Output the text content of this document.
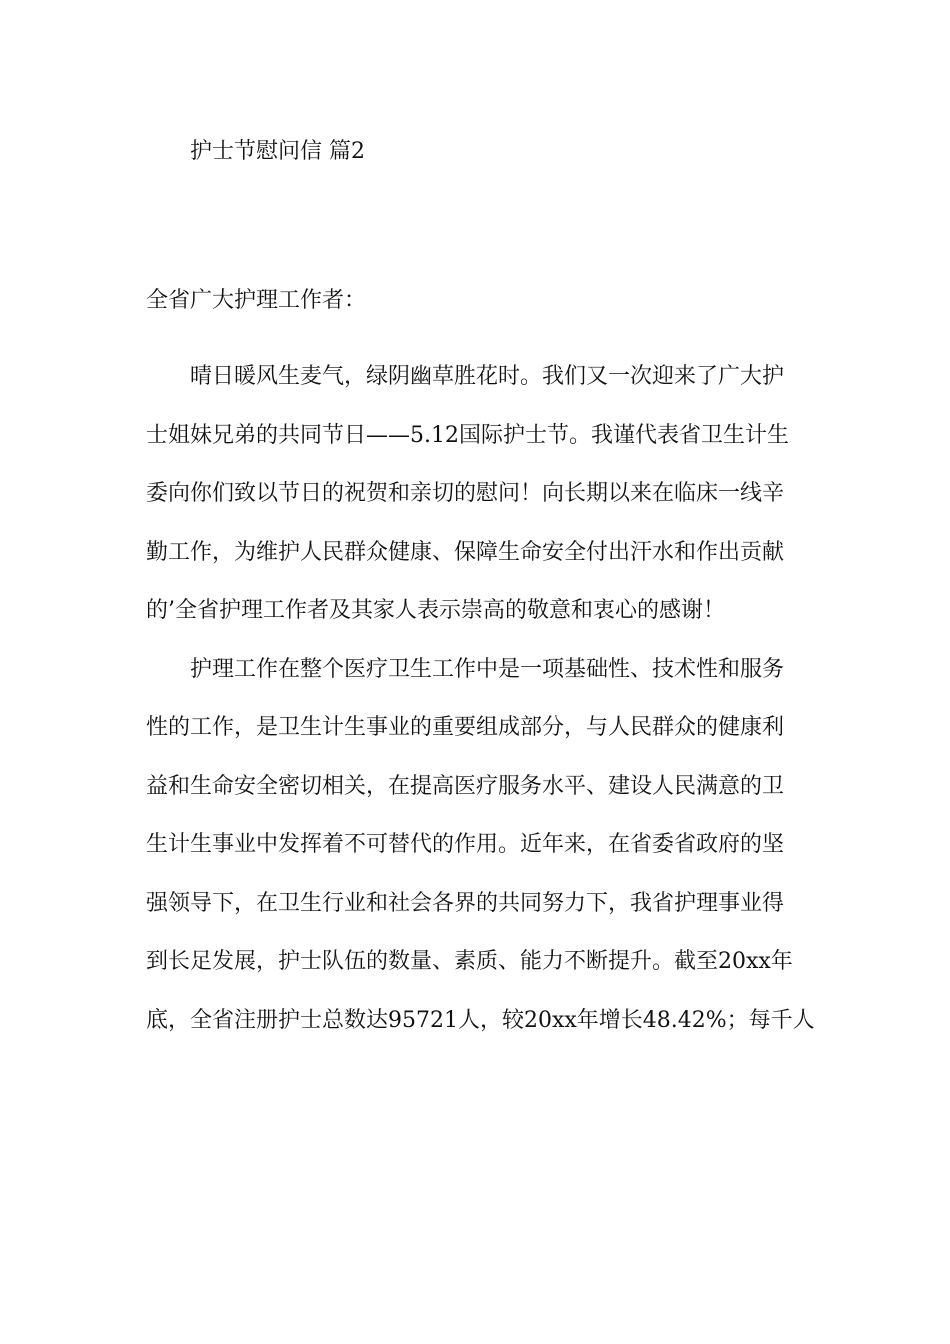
护士节慰问信 篇2

全省广大护理工作者：

晴日暖风生麦气，绿阴幽草胜花时。我们又一次迎来了广大护
士姐妹兄弟的共同节日——5.12国际护士节。我谨代表省卫生计生
委向你们致以节日的祝贺和亲切的慰问！向长期以来在临床一线辛
勤工作，为维护人民群众健康、保障生命安全付出汗水和作出贡献
的’全省护理工作者及其家人表示崇高的敬意和衷心的感谢！
护理工作在整个医疗卫生工作中是一项基础性、技术性和服务
性的工作，是卫生计生事业的重要组成部分，与人民群众的健康利
益和生命安全密切相关，在提高医疗服务水平、建设人民满意的卫
生计生事业中发挥着不可替代的作用。近年来，在省委省政府的坚
强领导下，在卫生行业和社会各界的共同努力下，我省护理事业得
到长足发展，护士队伍的数量、素质、能力不断提升。截至20xx年
底，全省注册护士总数达95721人，较20xx年增长48.42%；每千人
